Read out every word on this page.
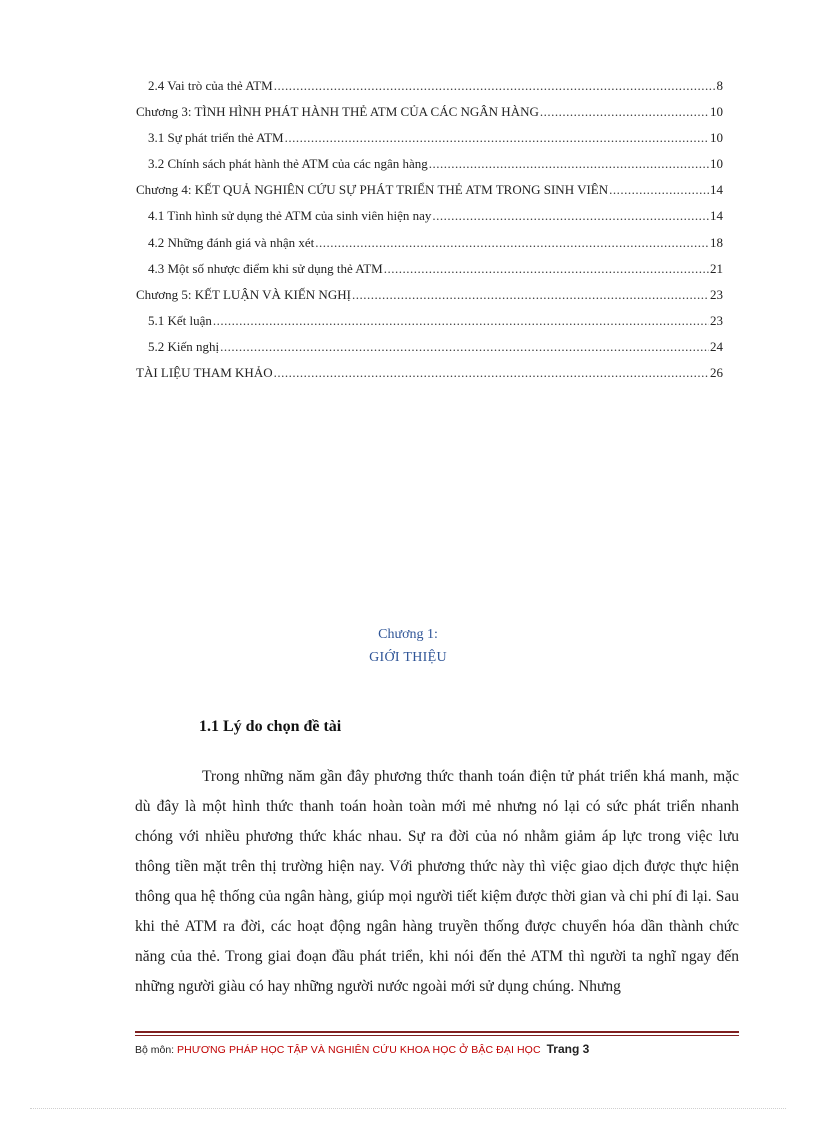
2.4 Vai trò của thẻ ATM .....	8
Chương 3: TÌNH HÌNH PHÁT HÀNH THẺ ATM CỦA CÁC NGÂN HÀNG .....	10
3.1 Sự phát triển thẻ ATM .....	10
3.2 Chính sách phát hành thẻ ATM của các ngân hàng .....	10
Chương 4: KẾT QUẢ NGHIÊN CỨU SỰ PHÁT TRIỂN THẺ ATM TRONG SINH VIÊN .....	14
4.1 Tình hình sử dụng thẻ ATM của sinh viên hiện nay .....	14
4.2 Những đánh giá và nhận xét .....	18
4.3 Một số nhược điểm khi sử dụng thẻ ATM .....	21
Chương 5: KẾT LUẬN VÀ KIẾN NGHỊ .....	23
5.1 Kết luận .....	23
5.2 Kiến nghị .....	24
TÀI LIỆU THAM KHẢO .....	26
Chương 1:
GIỚI THIỆU
1.1 Lý do chọn đề tài
Trong những năm gần đây phương thức thanh toán điện tử phát triển khá manh, mặc dù đây là một hình thức thanh toán hoàn toàn mới mẻ nhưng nó lại có sức phát triển nhanh chóng với nhiều phương thức khác nhau. Sự ra đời của nó nhằm giảm áp lực trong việc lưu thông tiền mặt trên thị trường hiện nay. Với phương thức này thì việc giao dịch được thực hiện thông qua hệ thống của ngân hàng, giúp mọi người tiết kiệm được thời gian và chi phí đi lại. Sau khi thẻ ATM ra đời, các hoạt động ngân hàng truyền thống được chuyển hóa dần thành chức năng của thẻ. Trong giai đoạn đầu phát triển, khi nói đến thẻ ATM thì người ta nghĩ ngay đến những người giàu có hay những người nước ngoài mới sử dụng chúng. Nhưng
Bộ môn: PHƯƠNG PHÁP HỌC TẬP VÀ NGHIÊN CỨU KHOA HỌC Ở BẬC ĐẠI HỌC Trang 3
